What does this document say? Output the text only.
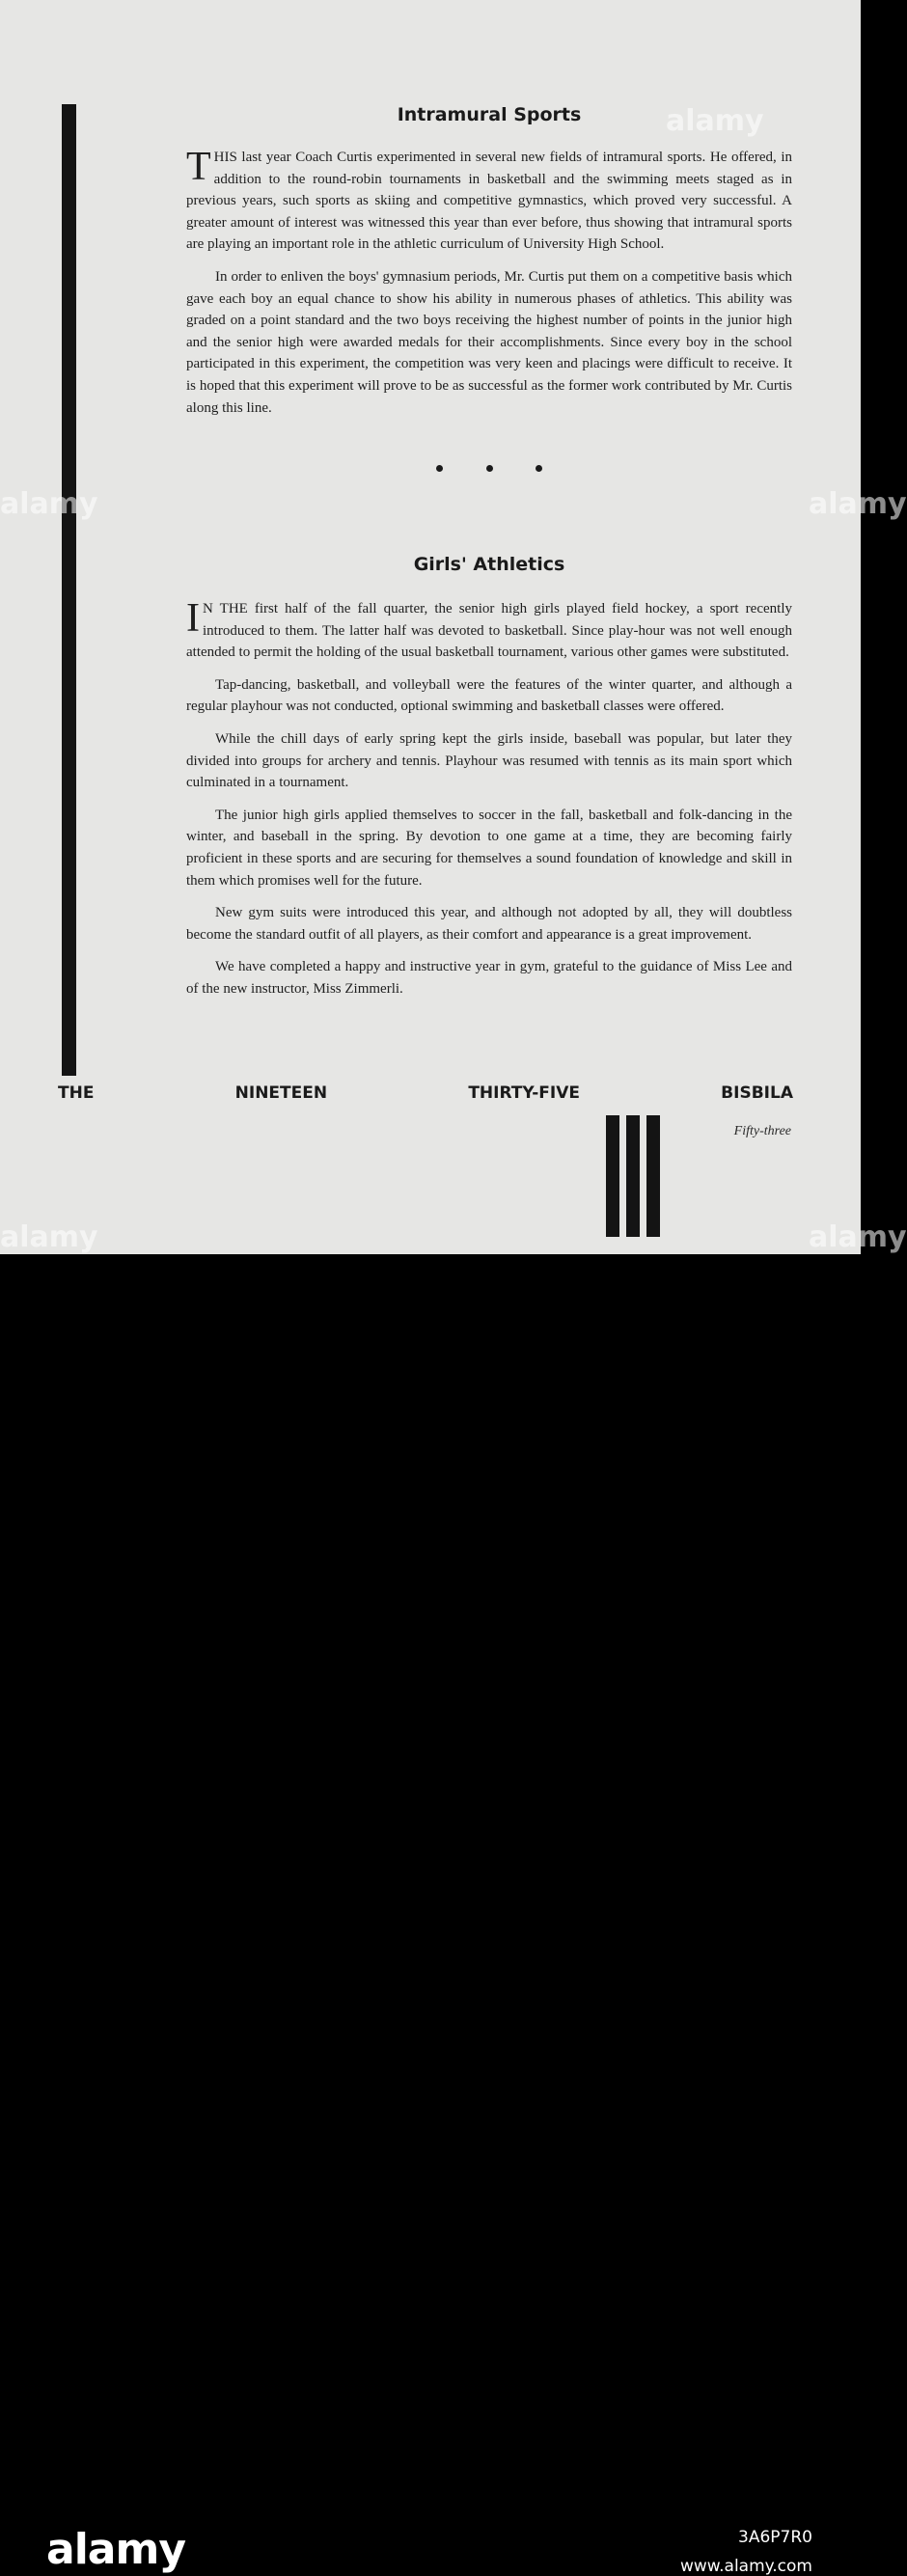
Intramural Sports

THIS last year Coach Curtis experimented in several new fields of intramural sports. He offered, in addition to the round-robin tournaments in basketball and the swimming meets staged as in previous years, such sports as skiing and competitive gymnastics, which proved very successful. A greater amount of interest was witnessed this year than ever before, thus showing that intramural sports are playing an important role in the athletic curriculum of University High School.

In order to enliven the boys' gymnasium periods, Mr. Curtis put them on a competitive basis which gave each boy an equal chance to show his ability in numerous phases of athletics. This ability was graded on a point standard and the two boys receiving the highest number of points in the junior high and the senior high were awarded medals for their accomplishments. Since every boy in the school participated in this experiment, the competition was very keen and placings were difficult to receive. It is hoped that this experiment will prove to be as successful as the former work contributed by Mr. Curtis along this line.

Girls' Athletics

IN THE first half of the fall quarter, the senior high girls played field hockey, a sport recently introduced to them. The latter half was devoted to basketball. Since play-hour was not well enough attended to permit the holding of the usual basketball tournament, various other games were substituted.

Tap-dancing, basketball, and volleyball were the features of the winter quarter, and although a regular playhour was not conducted, optional swimming and basketball classes were offered.

While the chill days of early spring kept the girls inside, baseball was popular, but later they divided into groups for archery and tennis. Playhour was resumed with tennis as its main sport which culminated in a tournament.

The junior high girls applied themselves to soccer in the fall, basketball and folk-dancing in the winter, and baseball in the spring. By devotion to one game at a time, they are becoming fairly proficient in these sports and are securing for themselves a sound foundation of knowledge and skill in them which promises well for the future.

New gym suits were introduced this year, and although not adopted by all, they will doubtless become the standard outfit of all players, as their comfort and appearance is a great improvement.

We have completed a happy and instructive year in gym, grateful to the guidance of Miss Lee and of the new instructor, Miss Zimmerli.

THE NINETEEN THIRTY-FIVE BISBILA

Fifty-three
alamy
alamy	alamy
alamy	alamy

alamy	3A6P7R0
www.alamy.com
